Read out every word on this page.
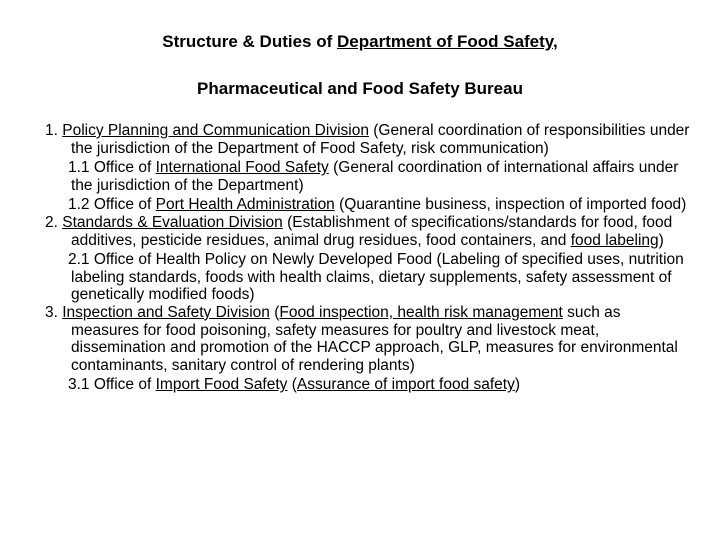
Structure & Duties of Department of Food Safety,
Pharmaceutical and Food Safety Bureau

1. Policy Planning and Communication Division (General coordination of responsibilities under the jurisdiction of the Department of Food Safety, risk communication)

1.1 Office of International Food Safety (General coordination of international affairs under the jurisdiction of the Department)

1.2 Office of Port Health Administration (Quarantine business, inspection of imported food)

2. Standards & Evaluation Division (Establishment of specifications/standards for food, food additives, pesticide residues, animal drug residues, food containers, and food labeling)

2.1 Office of Health Policy on Newly Developed Food (Labeling of specified uses, nutrition labeling standards, foods with health claims, dietary supplements, safety assessment of genetically modified foods)

3. Inspection and Safety Division (Food inspection, health risk management such as measures for food poisoning, safety measures for poultry and livestock meat, dissemination and promotion of the HACCP approach, GLP, measures for environmental contaminants, sanitary control of rendering plants)

3.1 Office of Import Food Safety (Assurance of import food safety)
